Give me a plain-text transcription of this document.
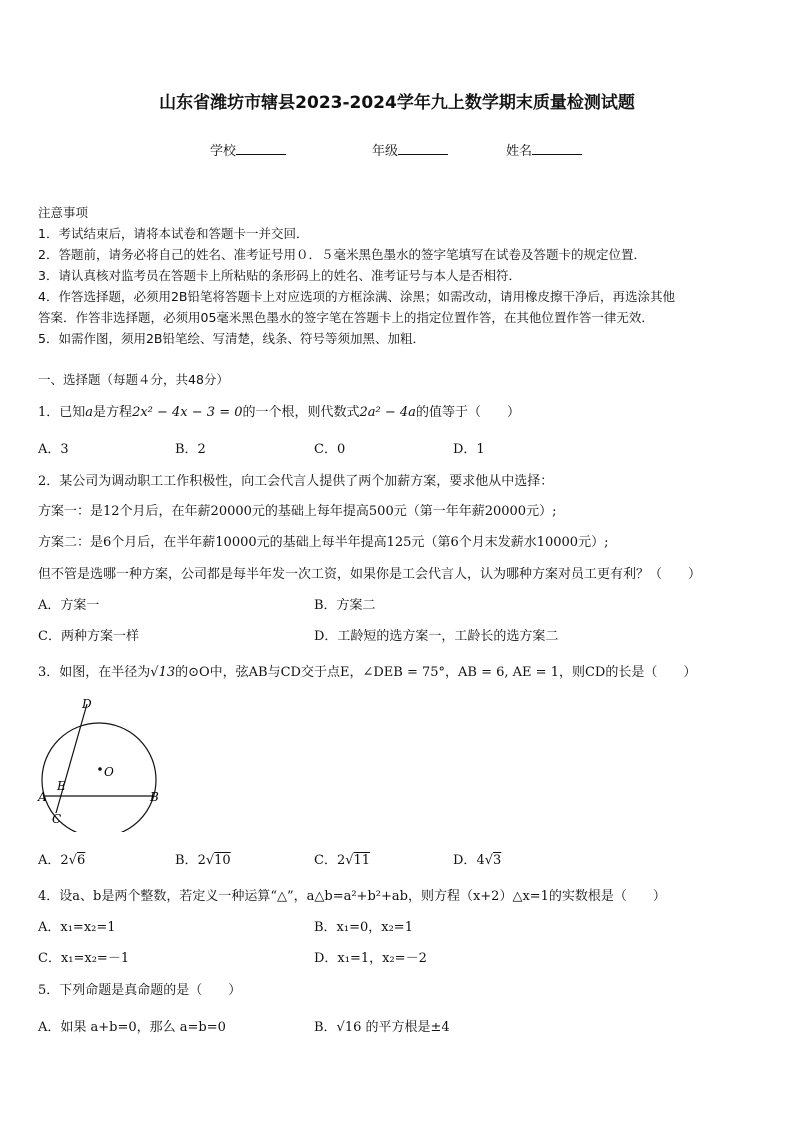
山东省潍坊市辖县2023-2024学年九上数学期末质量检测试题
学校	年级	姓名
注意事项
1．考试结束后，请将本试卷和答题卡一并交回．
2．答题前，请务必将自己的姓名、准考证号用０．５毫米黑色墨水的签字笔填写在试卷及答题卡的规定位置．
3．请认真核对监考员在答题卡上所粘贴的条形码上的姓名、准考证号与本人是否相符．
4．作答选择题，必须用2B铅笔将答题卡上对应选项的方框涂满、涂黑；如需改动，请用橡皮擦干净后，再选涂其他
答案．作答非选择题，必须用05毫米黑色墨水的签字笔在答题卡上的指定位置作答，在其他位置作答一律无效．
5．如需作图，须用2B铅笔绘、写清楚，线条、符号等须加黑、加粗．
一、选择题（每题４分，共48分）
1．已知a是方程2x² − 4x − 3 = 0的一个根，则代数式2a² − 4a的值等于（　　）
A．3	B．2	C．0	D．1
2．某公司为调动职工工作积极性，向工会代言人提供了两个加薪方案，要求他从中选择：
方案一：是12个月后，在年薪20000元的基础上每年提高500元（第一年年薪20000元）;
方案二：是6个月后，在半年薪10000元的基础上每半年提高125元（第6个月末发薪水10000元）;
但不管是选哪一种方案，公司都是每半年发一次工资，如果你是工会代言人，认为哪种方案对员工更有利？（　　）
A．方案一	B．方案二
C．两种方案一样	D．工龄短的选方案一，工龄长的选方案二
3．如图，在半径为√13的⊙O中，弦AB与CD交于点E，∠DEB = 75°，AB = 6, AE = 1，则CD的长是（　　）
D
O
E
A	B
C
A．2√6	B．2√10	C．2√11	D．4√3
4．设a、b是两个整数，若定义一种运算“△”，a△b=a²+b²+ab，则方程（x+2）△x=1的实数根是（　　）
A．x₁=x₂=1	B．x₁=0，x₂=1
C．x₁=x₂=－1	D．x₁=1，x₂=－2
5．下列命题是真命题的是（　　）
A．如果 a+b=0，那么 a=b=0	B．√16 的平方根是±4
